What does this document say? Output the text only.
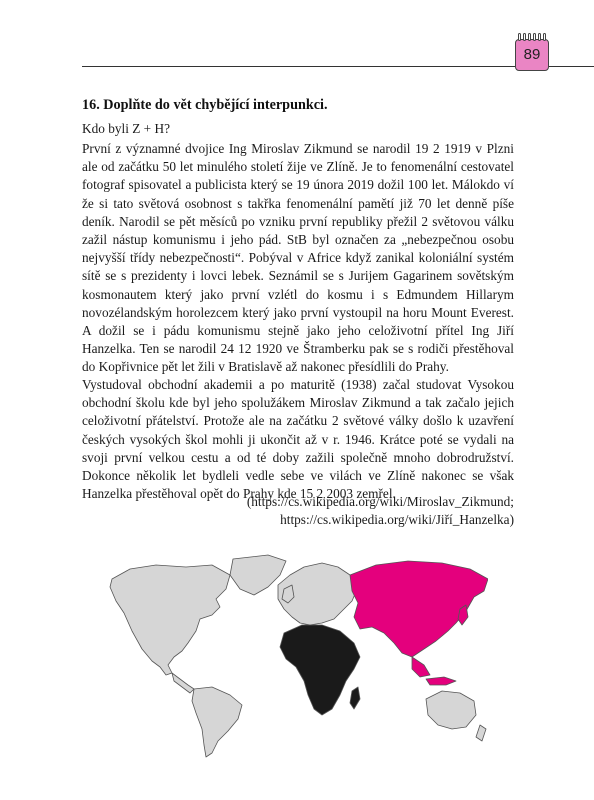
89
16. Doplňte do vět chybějící interpunkci.

Kdo byli Z + H?

První z významné dvojice Ing Miroslav Zikmund se narodil 19 2 1919 v Plzni ale od začátku 50 let minulého století žije ve Zlíně. Je to fenomenální cestovatel fotograf spisovatel a publicista který se 19 února 2019 dožil 100 let. Málokdo ví že si tato světová osobnost s takřka fenomenální pamětí již 70 let denně píše deník. Narodil se pět měsíců po vzniku první republiky přežil 2 světovou válku zažil nástup komunismu i jeho pád. StB byl označen za „nebezpečnou osobu nejvyšší třídy nebezpečnosti“. Pobýval v Africe když zanikal koloniální systém sítě se s prezidenty i lovci lebek. Seznámil se s Jurijem Gagarinem sovětským kosmonautem který jako první vzlétl do kosmu i s Edmundem Hillarym novozélandským horolezcem který jako první vystoupil na horu Mount Everest. A dožil se i pádu komunismu stejně jako jeho celoživotní přítel Ing Jiří Hanzelka. Ten se narodil 24 12 1920 ve Štramberku pak se s rodiči přestěhoval do Kopřivnice pět let žili v Bratislavě až nakonec přesídlili do Prahy.

Vystudoval obchodní akademii a po maturitě (1938) začal studovat Vysokou obchodní školu kde byl jeho spolužákem Miroslav Zikmund a tak začalo jejich celoživotní přátelství. Protože ale na začátku 2 světové války došlo k uzavření českých vysokých škol mohli ji ukončit až v r. 1946. Krátce poté se vydali na svoji první velkou cestu a od té doby zažili společně mnoho dobrodružství. Dokonce několik let bydleli vedle sebe ve vilách ve Zlíně nakonec se však Hanzelka přestěhoval opět do Prahy kde 15 2 2003 zemřel.

(https://cs.wikipedia.org/wiki/Miroslav_Zikmund;
https://cs.wikipedia.org/wiki/Jiří_Hanzelka)
